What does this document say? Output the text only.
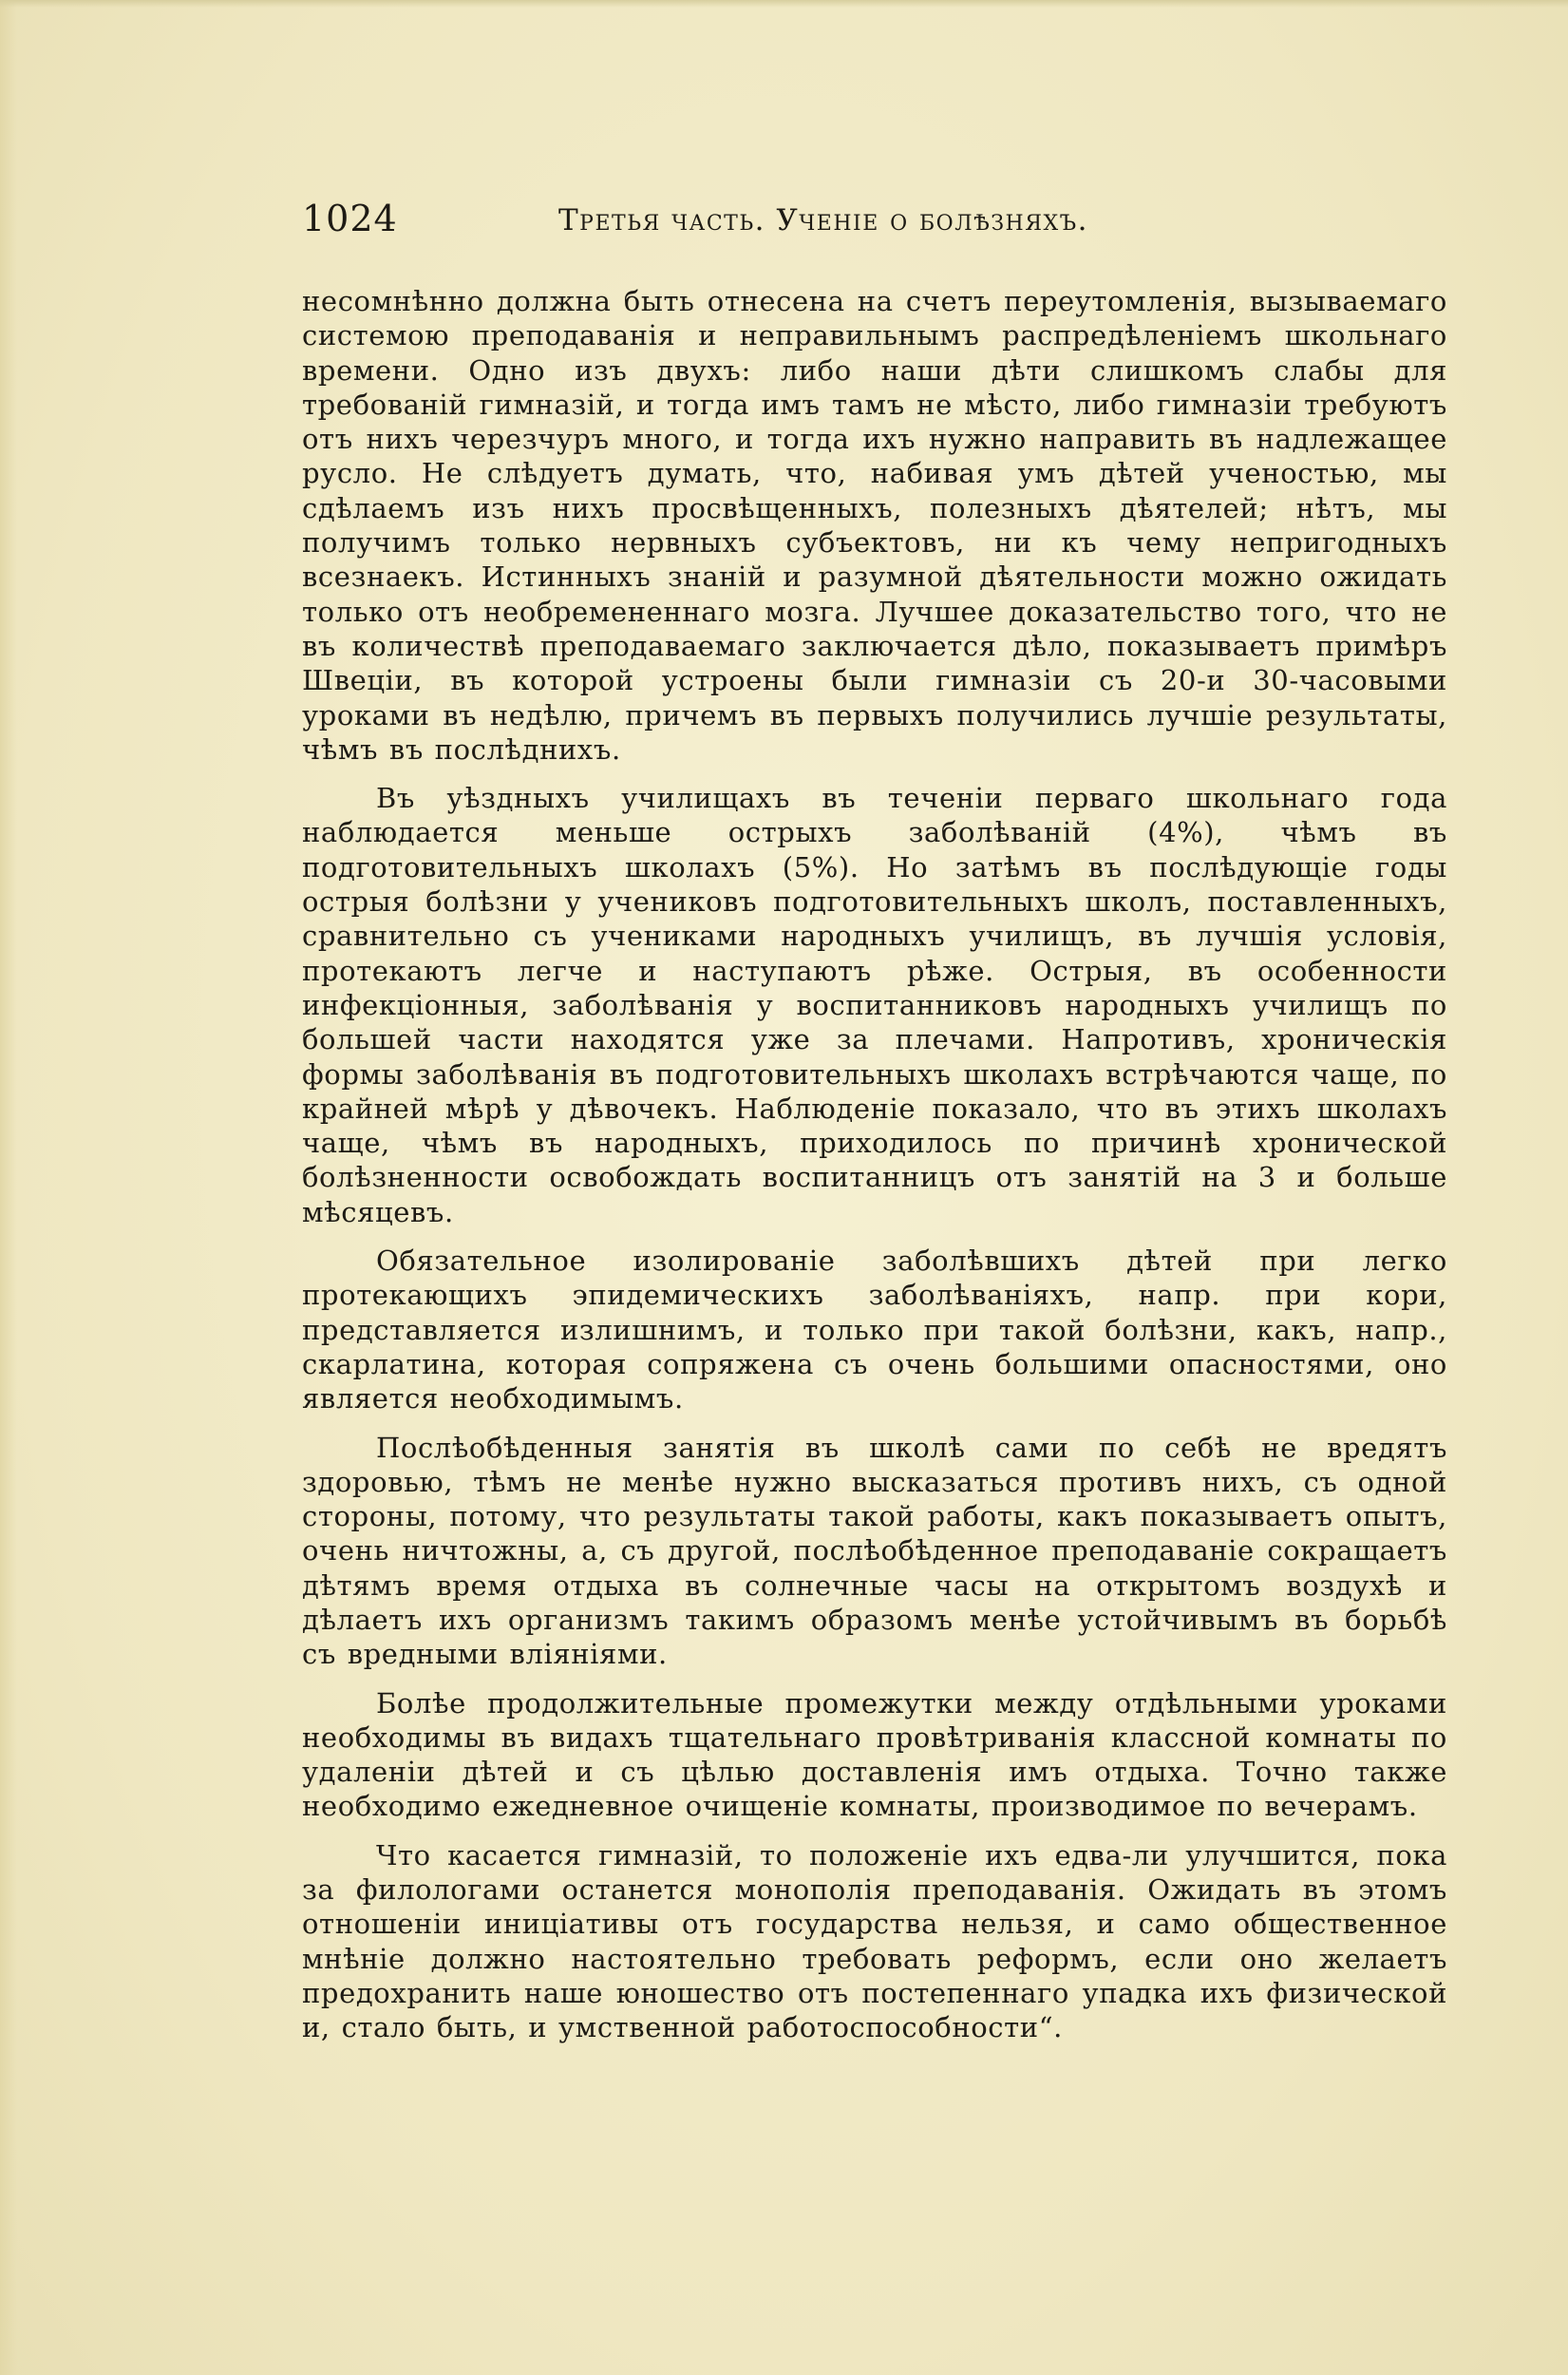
1024	Третья часть. Ученіе о болѣзняхъ.

несомнѣнно должна быть отнесена на счетъ переутомленія, вызываемаго системою преподаванія и неправильнымъ распредѣленіемъ школьнаго времени. Одно изъ двухъ: либо наши дѣти слишкомъ слабы для требованій гимназій, и тогда имъ тамъ не мѣсто, либо гимназіи требуютъ отъ нихъ черезчуръ много, и тогда ихъ нужно направить въ надлежащее русло. Не слѣдуетъ думать, что, набивая умъ дѣтей ученостью, мы сдѣлаемъ изъ нихъ просвѣщенныхъ, полезныхъ дѣятелей; нѣтъ, мы получимъ только нервныхъ субъектовъ, ни къ чему непригодныхъ всезнаекъ. Истинныхъ знаній и разумной дѣятельности можно ожидать только отъ необремененнаго мозга. Лучшее доказательство того, что не въ количествѣ преподаваемаго заключается дѣло, показываетъ примѣръ Швеціи, въ которой устроены были гимназіи съ 20-и 30-часовыми уроками въ недѣлю, причемъ въ первыхъ получились лучшіе результаты, чѣмъ въ послѣднихъ.

Въ уѣздныхъ училищахъ въ теченіи перваго школьнаго года наблюдается меньше острыхъ заболѣваній (4%), чѣмъ въ подготовительныхъ школахъ (5%). Но затѣмъ въ послѣдующіе годы острыя болѣзни у учениковъ подготовительныхъ школъ, поставленныхъ, сравнительно съ учениками народныхъ училищъ, въ лучшія условія, протекаютъ легче и наступаютъ рѣже. Острыя, въ особенности инфекціонныя, заболѣванія у воспитанниковъ народныхъ училищъ по большей части находятся уже за плечами. Напротивъ, хроническія формы заболѣванія въ подготовительныхъ школахъ встрѣчаются чаще, по крайней мѣрѣ у дѣвочекъ. Наблюденіе показало, что въ этихъ школахъ чаще, чѣмъ въ народныхъ, приходилось по причинѣ хронической болѣзненности освобождать воспитанницъ отъ занятій на 3 и больше мѣсяцевъ.

Обязательное изолированіе заболѣвшихъ дѣтей при легко протекающихъ эпидемическихъ заболѣваніяхъ, напр. при кори, представляется излишнимъ, и только при такой болѣзни, какъ, напр., скарлатина, которая сопряжена съ очень большими опасностями, оно является необходимымъ.

Послѣобѣденныя занятія въ школѣ сами по себѣ не вредятъ здоровью, тѣмъ не менѣе нужно высказаться противъ нихъ, съ одной стороны, потому, что результаты такой работы, какъ показываетъ опытъ, очень ничтожны, а, съ другой, послѣобѣденное преподаваніе сокращаетъ дѣтямъ время отдыха въ солнечные часы на открытомъ воздухѣ и дѣлаетъ ихъ организмъ такимъ образомъ менѣе устойчивымъ въ борьбѣ съ вредными вліяніями.

Болѣе продолжительные промежутки между отдѣльными уроками необходимы въ видахъ тщательнаго провѣтриванія классной комнаты по удаленіи дѣтей и съ цѣлью доставленія имъ отдыха. Точно также необходимо ежедневное очищеніе комнаты, производимое по вечерамъ.

Что касается гимназій, то положеніе ихъ едва-ли улучшится, пока за филологами останется монополія преподаванія. Ожидать въ этомъ отношеніи иниціативы отъ государства нельзя, и само общественное мнѣніе должно настоятельно требовать реформъ, если оно желаетъ предохранить наше юношество отъ постепеннаго упадка ихъ физической и, стало быть, и умственной работоспособности“.
